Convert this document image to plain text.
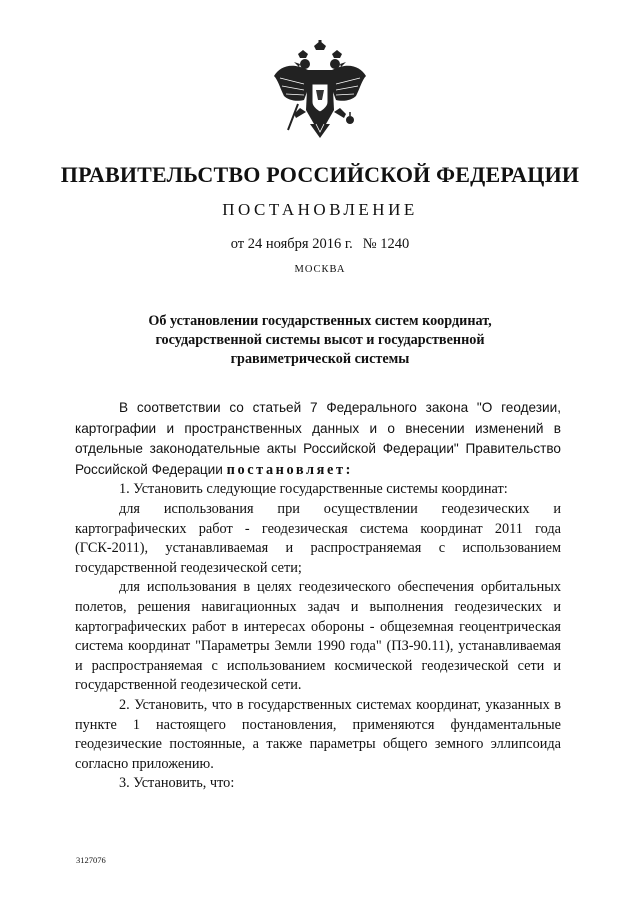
ПРАВИТЕЛЬСТВО РОССИЙСКОЙ ФЕДЕРАЦИИ
ПОСТАНОВЛЕНИЕ
от 24 ноября 2016 г. № 1240
МОСКВА
Об установлении государственных систем координат, государственной системы высот и государственной гравиметрической системы

В соответствии со статьей 7 Федерального закона "О геодезии, картографии и пространственных данных и о внесении изменений в отдельные законодательные акты Российской Федерации" Правительство Российской Федерации постановляет:

1. Установить следующие государственные системы координат:

для использования при осуществлении геодезических и картографических работ - геодезическая система координат 2011 года (ГСК-2011), устанавливаемая и распространяемая с использованием государственной геодезической сети;

для использования в целях геодезического обеспечения орбитальных полетов, решения навигационных задач и выполнения геодезических и картографических работ в интересах обороны - общеземная геоцентрическая система координат "Параметры Земли 1990 года" (ПЗ-90.11), устанавливаемая и распространяемая с использованием космической геодезической сети и государственной геодезической сети.

2. Установить, что в государственных системах координат, указанных в пункте 1 настоящего постановления, применяются фундаментальные геодезические постоянные, а также параметры общего земного эллипсоида согласно приложению.

3. Установить, что:

3127076
